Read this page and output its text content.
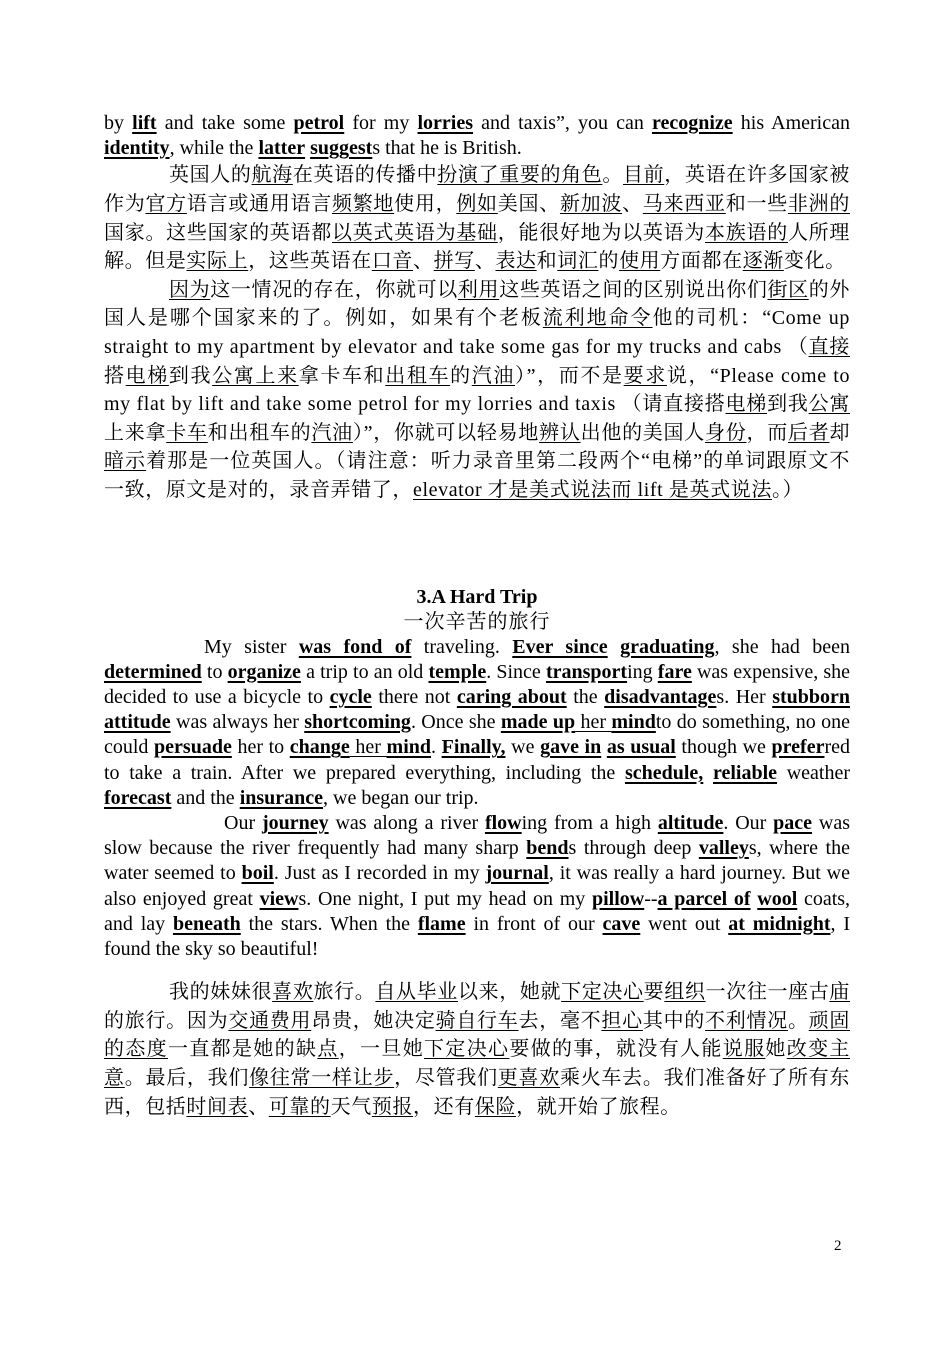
by lift and take some petrol for my lorries and taxis”, you can recognize his American identity, while the latter suggests that he is British.

英国人的航海在英语的传播中扮演了重要的角色。目前，英语在许多国家被作为官方语言或通用语言频繁地使用，例如美国、新加波、马来西亚和一些非洲的国家。这些国家的英语都以英式英语为基础，能很好地为以英语为本族语的人所理解。但是实际上，这些英语在口音、拼写、表达和词汇的使用方面都在逐渐变化。

因为这一情况的存在，你就可以利用这些英语之间的区别说出你们街区的外国人是哪个国家来的了。例如，如果有个老板流利地命令他的司机：“Come up straight to my apartment by elevator and take some gas for my trucks and cabs （直接搭电梯到我公寓上来拿卡车和出租车的汽油）”，而不是要求说，“Please come to my flat by lift and take some petrol for my lorries and taxis （请直接搭电梯到我公寓上来拿卡车和出租车的汽油）”，你就可以轻易地辨认出他的美国人身份，而后者却暗示着那是一位英国人。（请注意：听力录音里第二段两个“电梯”的单词跟原文不一致，原文是对的，录音弄错了，elevator 才是美式说法而 lift 是英式说法。）

3.A Hard Trip

一次辛苦的旅行

My sister was fond of traveling. Ever since graduating, she had been determined to organize a trip to an old temple. Since transporting fare was expensive, she decided to use a bicycle to cycle there not caring about the disadvantages. Her stubborn attitude was always her shortcoming. Once she made up her mindto do something, no one could persuade her to change her mind. Finally, we gave in as usual though we preferred to take a train. After we prepared everything, including the schedule, reliable weather forecast and the insurance, we began our trip.

Our journey was along a river flowing from a high altitude. Our pace was slow because the river frequently had many sharp bends through deep valleys, where the water seemed to boil. Just as I recorded in my journal, it was really a hard journey. But we also enjoyed great views. One night, I put my head on my pillow--a parcel of wool coats, and lay beneath the stars. When the flame in front of our cave went out at midnight, I found the sky so beautiful!

我的妹妹很喜欢旅行。自从毕业以来，她就下定决心要组织一次往一座古庙的旅行。因为交通费用昂贵，她决定骑自行车去，毫不担心其中的不利情况。顽固的态度一直都是她的缺点，一旦她下定决心要做的事，就没有人能说服她改变主意。最后，我们像往常一样让步，尽管我们更喜欢乘火车去。我们准备好了所有东西，包括时间表、可靠的天气预报，还有保险，就开始了旅程。

2
